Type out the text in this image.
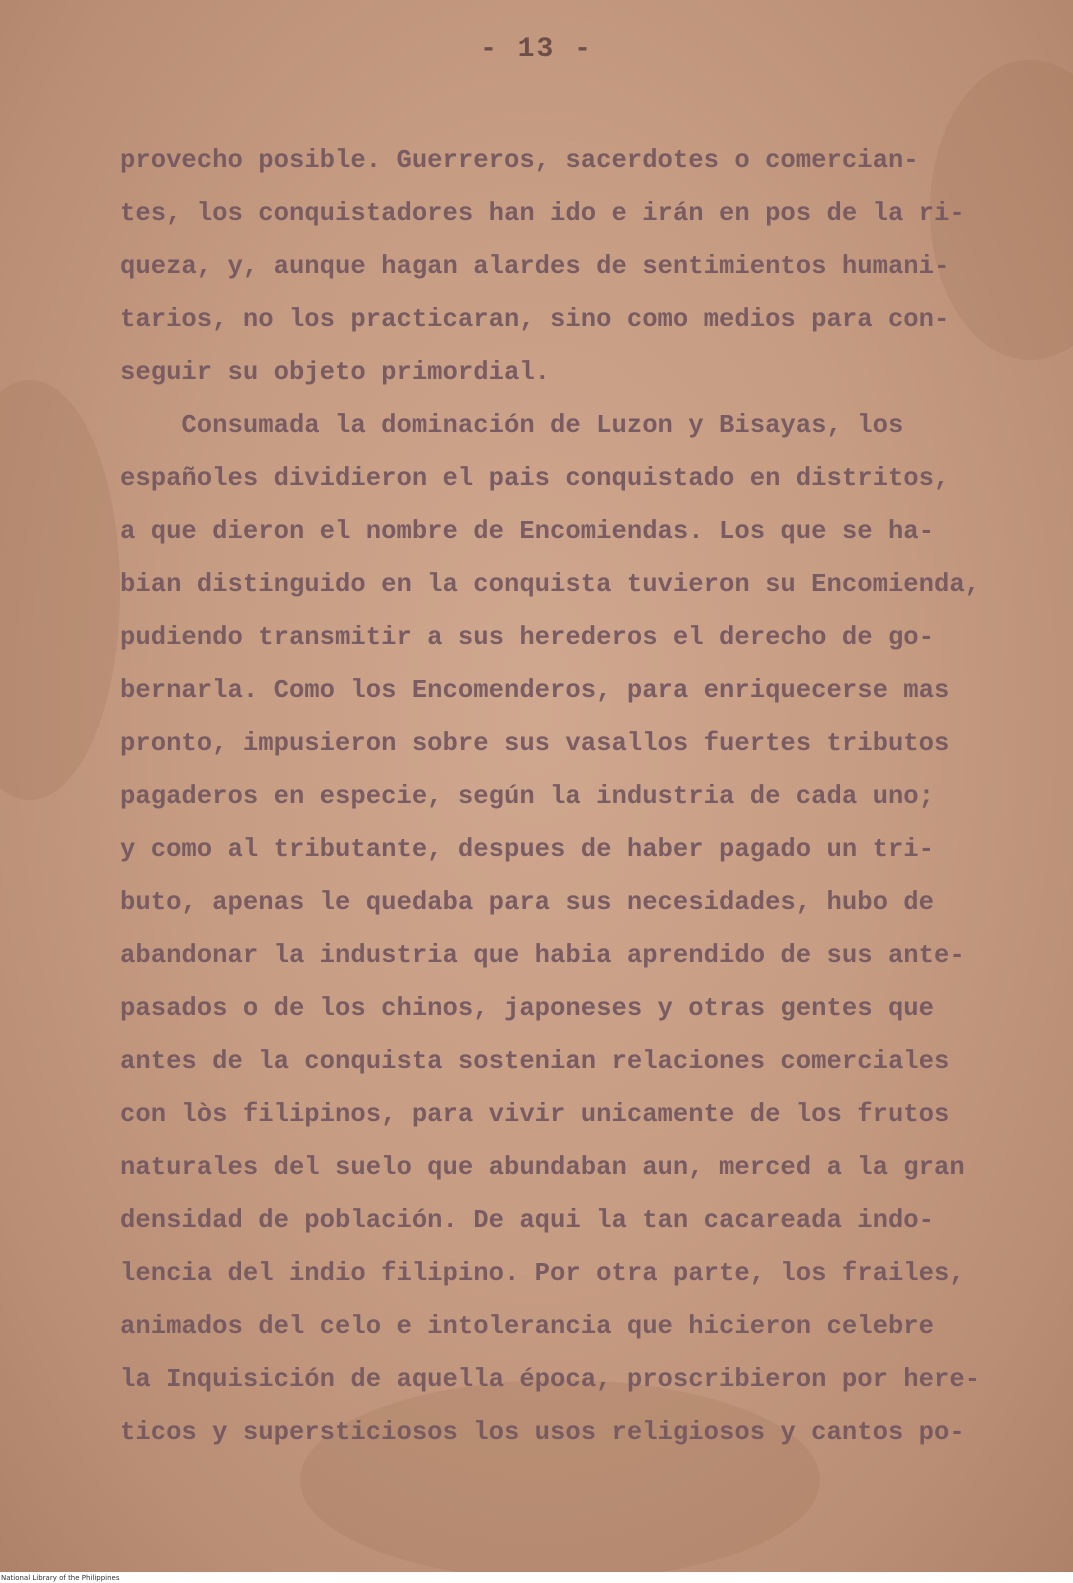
- 13 -
provecho posible. Guerreros, sacerdotes o comercian-
tes, los conquistadores han ido e irán en pos de la ri-
queza, y, aunque hagan alardes de sentimientos humani-
tarios, no los practicaran, sino como medios para con-
seguir su objeto primordial.
Consumada la dominación de Luzon y Bisayas, los
españoles dividieron el pais conquistado en distritos,
a que dieron el nombre de Encomiendas. Los que se ha-
bian distinguido en la conquista tuvieron su Encomienda,
pudiendo transmitir a sus herederos el derecho de go-
bernarla. Como los Encomenderos, para enriquecerse mas
pronto, impusieron sobre sus vasallos fuertes tributos
pagaderos en especie, según la industria de cada uno;
y como al tributante, despues de haber pagado un tri-
buto, apenas le quedaba para sus necesidades, hubo de
abandonar la industria que habia aprendido de sus ante-
pasados o de los chinos, japoneses y otras gentes que
antes de la conquista sostenian relaciones comerciales
con lòs filipinos, para vivir unicamente de los frutos
naturales del suelo que abundaban aun, merced a la gran
densidad de población. De aqui la tan cacareada indo-
lencia del indio filipino. Por otra parte, los frailes,
animados del celo e intolerancia que hicieron celebre
la Inquisición de aquella época, proscribieron por here-
ticos y supersticiosos los usos religiosos y cantos po-
National Library of the Philippines
